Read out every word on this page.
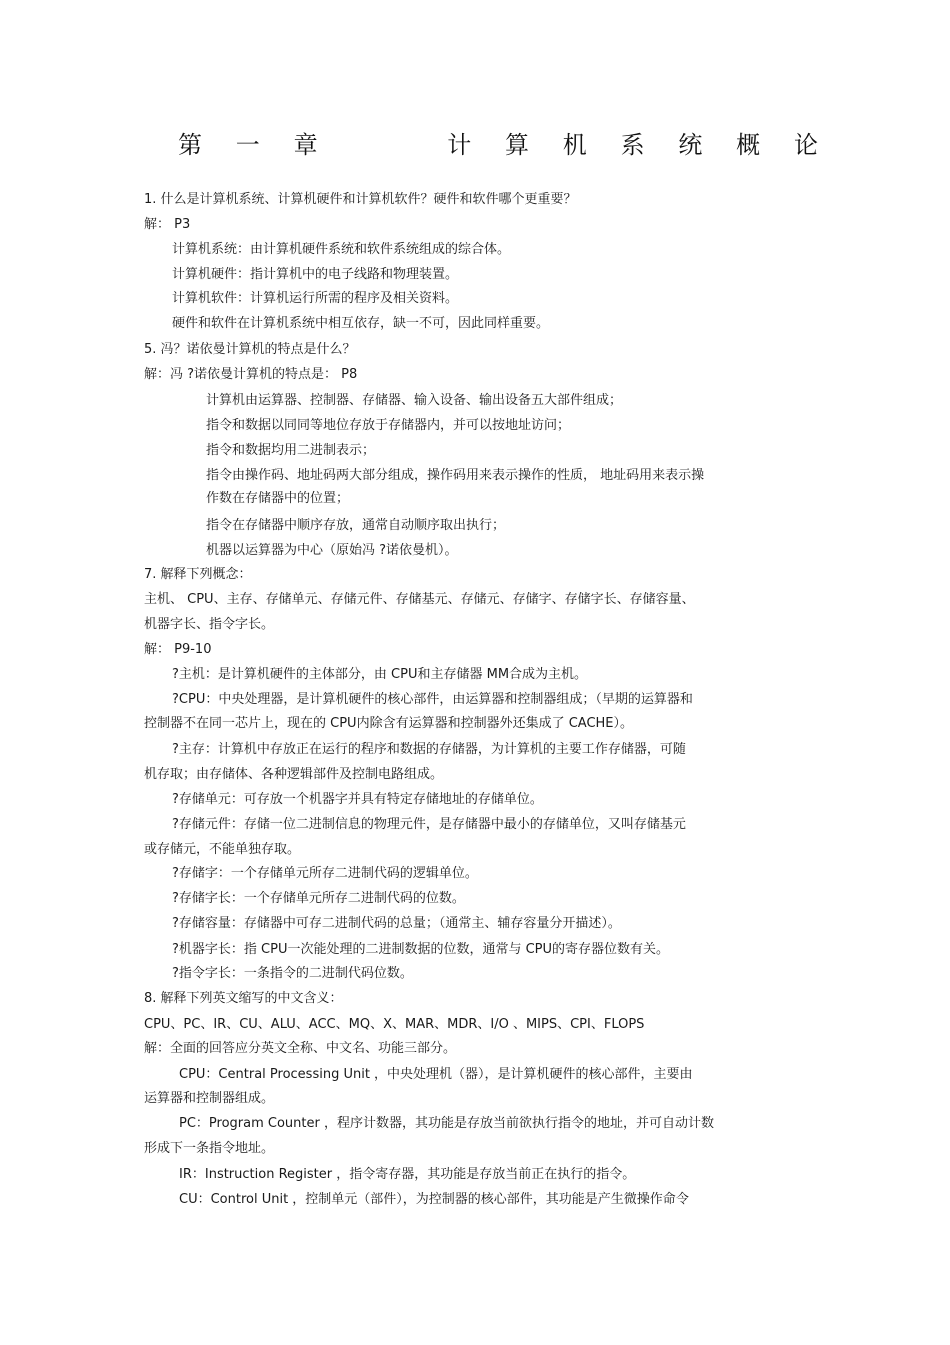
第 一 章	计 算 机 系 统 概 论
1. 什么是计算机系统、计算机硬件和计算机软件？硬件和软件哪个更重要？
解： P3
计算机系统：由计算机硬件系统和软件系统组成的综合体。
计算机硬件：指计算机中的电子线路和物理装置。
计算机软件：计算机运行所需的程序及相关资料。
硬件和软件在计算机系统中相互依存，缺一不可，因此同样重要。
5. 冯？诺依曼计算机的特点是什么？
解：冯 ?诺依曼计算机的特点是： P8
计算机由运算器、控制器、存储器、输入设备、输出设备五大部件组成；
指令和数据以同同等地位存放于存储器内，并可以按地址访问；
指令和数据均用二进制表示；
指令由操作码、地址码两大部分组成，操作码用来表示操作的性质， 地址码用来表示操
作数在存储器中的位置；
指令在存储器中顺序存放，通常自动顺序取出执行；
机器以运算器为中心（原始冯 ?诺依曼机）。
7. 解释下列概念：
主机、 CPU、主存、存储单元、存储元件、存储基元、存储元、存储字、存储字长、存储容量、
机器字长、指令字长。
解： P9-10
?主机：是计算机硬件的主体部分，由 CPU和主存储器 MM合成为主机。
?CPU：中央处理器，是计算机硬件的核心部件，由运算器和控制器组成；（早期的运算器和
控制器不在同一芯片上，现在的 CPU内除含有运算器和控制器外还集成了 CACHE）。
?主存：计算机中存放正在运行的程序和数据的存储器，为计算机的主要工作存储器，可随
机存取；由存储体、各种逻辑部件及控制电路组成。
?存储单元：可存放一个机器字并具有特定存储地址的存储单位。
?存储元件：存储一位二进制信息的物理元件，是存储器中最小的存储单位，又叫存储基元
或存储元，不能单独存取。
?存储字：一个存储单元所存二进制代码的逻辑单位。
?存储字长：一个存储单元所存二进制代码的位数。
?存储容量：存储器中可存二进制代码的总量；（通常主、辅存容量分开描述）。
?机器字长：指 CPU一次能处理的二进制数据的位数，通常与 CPU的寄存器位数有关。
?指令字长：一条指令的二进制代码位数。
8. 解释下列英文缩写的中文含义：
CPU、PC、IR、CU、ALU、ACC、MQ、X、MAR、MDR、I/O 、MIPS、CPI、FLOPS
解：全面的回答应分英文全称、中文名、功能三部分。
CPU：Central Processing Unit ，中央处理机（器），是计算机硬件的核心部件，主要由
运算器和控制器组成。
PC：Program Counter ，程序计数器，其功能是存放当前欲执行指令的地址，并可自动计数
形成下一条指令地址。
IR：Instruction Register ，指令寄存器，其功能是存放当前正在执行的指令。
CU：Control Unit ，控制单元（部件），为控制器的核心部件，其功能是产生微操作命令
